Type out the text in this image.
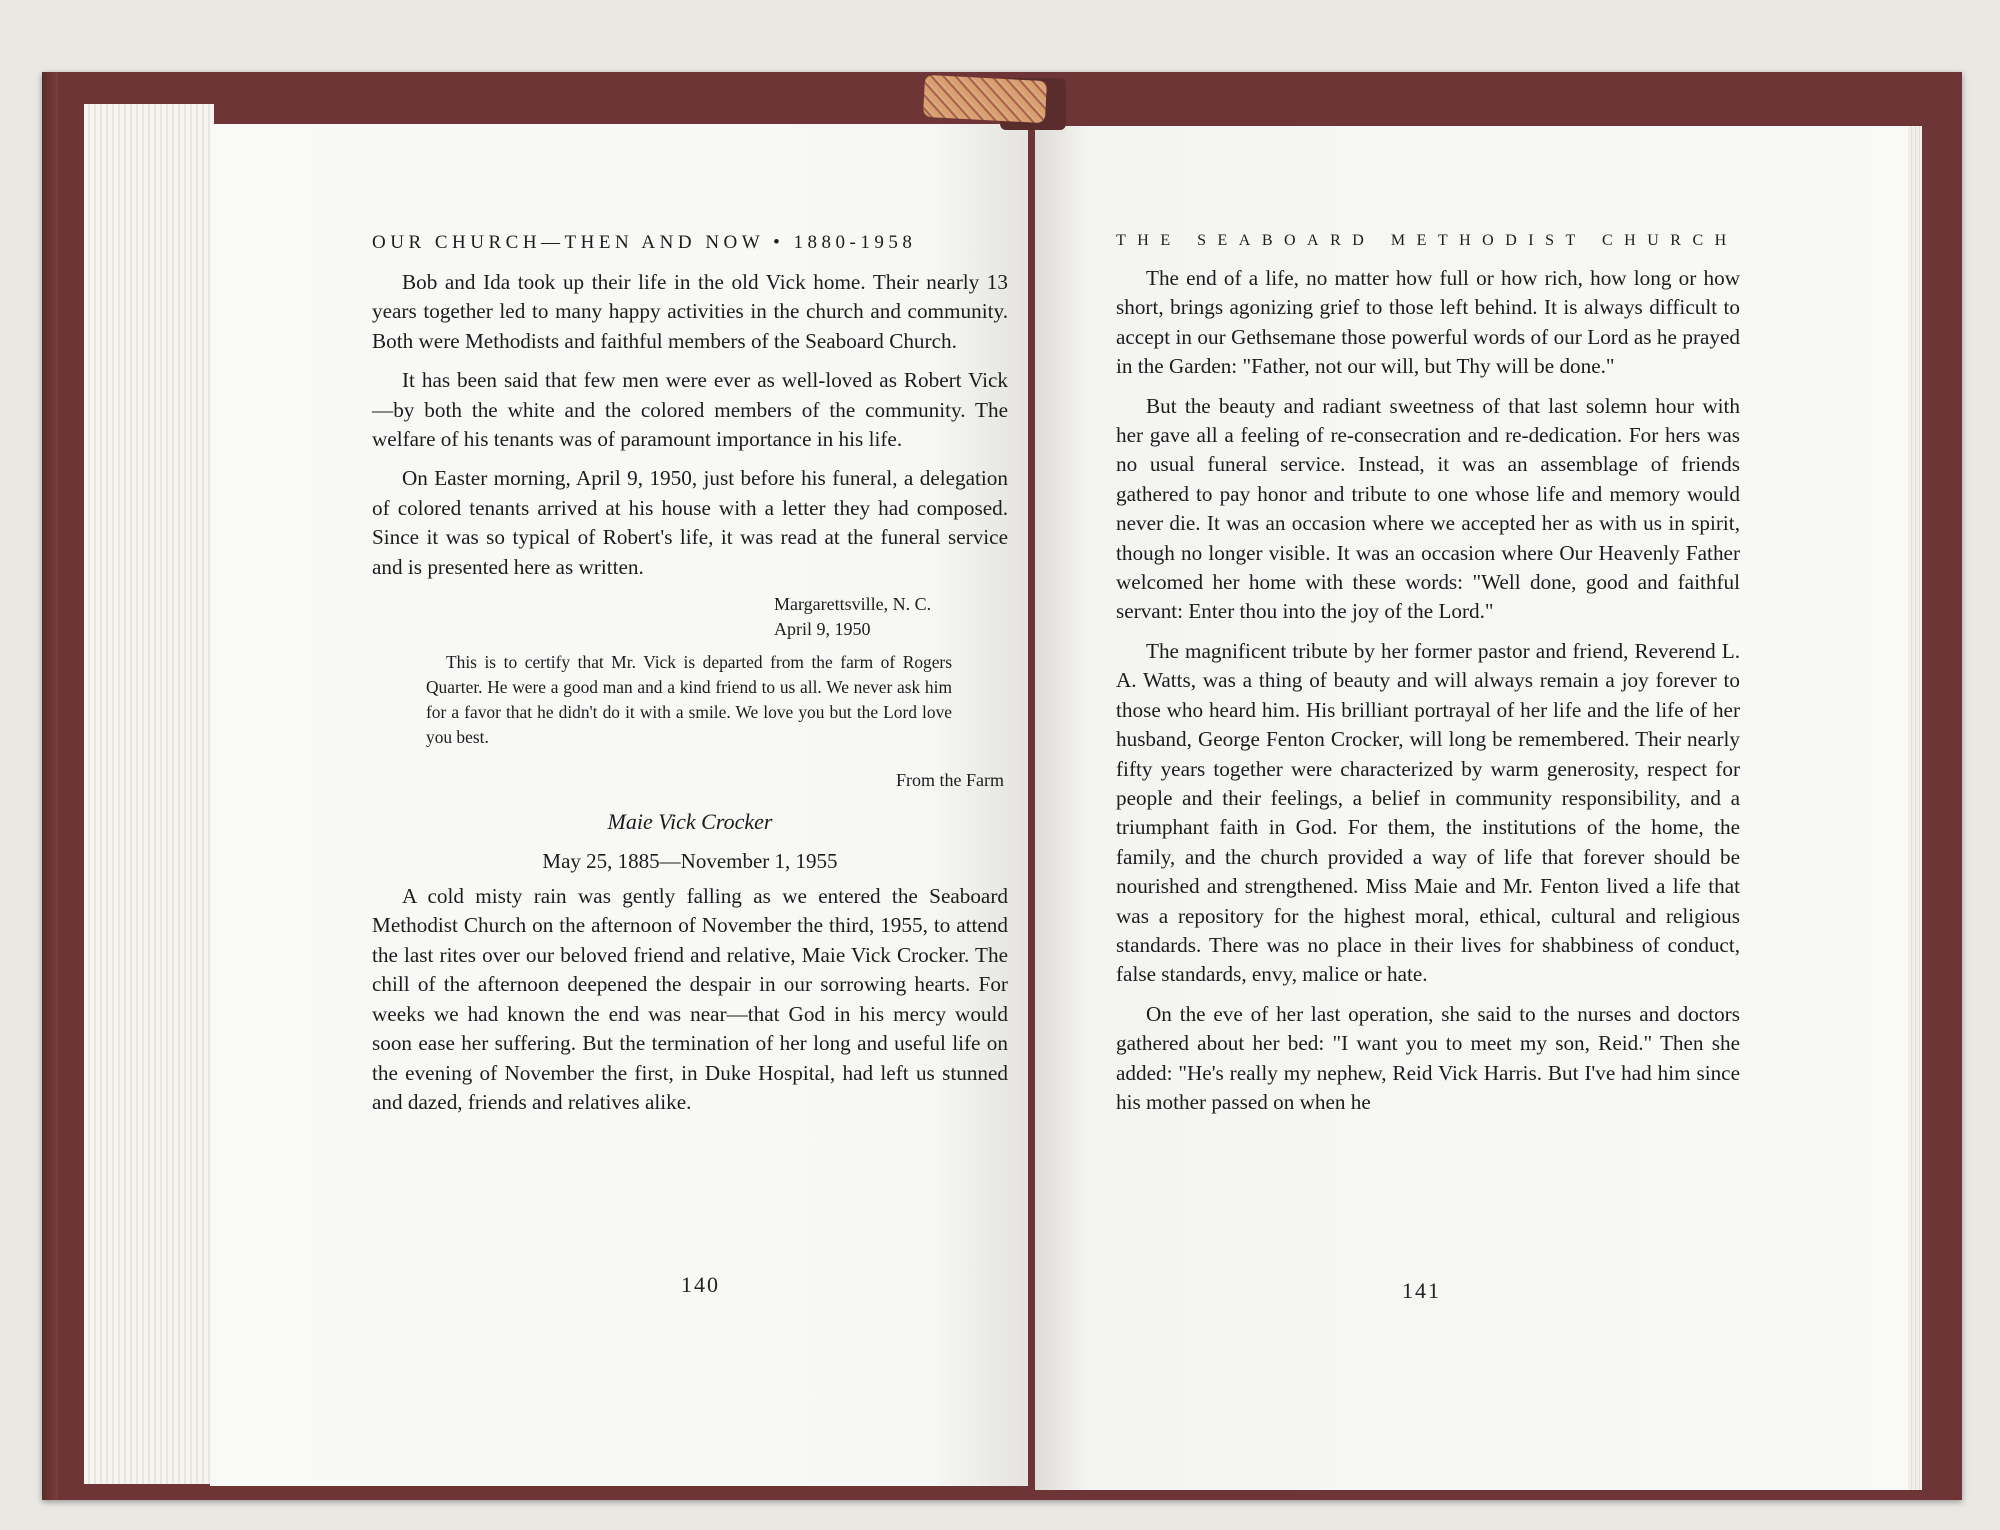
OUR CHURCH—THEN AND NOW • 1880-1958

Bob and Ida took up their life in the old Vick home. Their nearly 13 years together led to many happy activities in the church and community. Both were Methodists and faithful members of the Seaboard Church.

It has been said that few men were ever as well-loved as Robert Vick—by both the white and the colored members of the community. The welfare of his tenants was of paramount importance in his life.

On Easter morning, April 9, 1950, just before his funeral, a delegation of colored tenants arrived at his house with a letter they had composed. Since it was so typical of Robert's life, it was read at the funeral service and is presented here as written.

Margarettsville, N. C.
April 9, 1950

This is to certify that Mr. Vick is departed from the farm of Rogers Quarter. He were a good man and a kind friend to us all. We never ask him for a favor that he didn't do it with a smile. We love you but the Lord love you best.

From the Farm
Maie Vick Crocker
May 25, 1885—November 1, 1955

A cold misty rain was gently falling as we entered the Seaboard Methodist Church on the afternoon of November the third, 1955, to attend the last rites over our beloved friend and relative, Maie Vick Crocker. The chill of the afternoon deepened the despair in our sorrowing hearts. For weeks we had known the end was near—that God in his mercy would soon ease her suffering. But the termination of her long and useful life on the evening of November the first, in Duke Hospital, had left us stunned and dazed, friends and relatives alike.

140
THE SEABOARD METHODIST CHURCH

The end of a life, no matter how full or how rich, how long or how short, brings agonizing grief to those left behind. It is always difficult to accept in our Gethsemane those powerful words of our Lord as he prayed in the Garden: "Father, not our will, but Thy will be done."

But the beauty and radiant sweetness of that last solemn hour with her gave all a feeling of re-consecration and re-dedication. For hers was no usual funeral service. Instead, it was an assemblage of friends gathered to pay honor and tribute to one whose life and memory would never die. It was an occasion where we accepted her as with us in spirit, though no longer visible. It was an occasion where Our Heavenly Father welcomed her home with these words: "Well done, good and faithful servant: Enter thou into the joy of the Lord."

The magnificent tribute by her former pastor and friend, Reverend L. A. Watts, was a thing of beauty and will always remain a joy forever to those who heard him. His brilliant portrayal of her life and the life of her husband, George Fenton Crocker, will long be remembered. Their nearly fifty years together were characterized by warm generosity, respect for people and their feelings, a belief in community responsibility, and a triumphant faith in God. For them, the institutions of the home, the family, and the church provided a way of life that forever should be nourished and strengthened. Miss Maie and Mr. Fenton lived a life that was a repository for the highest moral, ethical, cultural and religious standards. There was no place in their lives for shabbiness of conduct, false standards, envy, malice or hate.

On the eve of her last operation, she said to the nurses and doctors gathered about her bed: "I want you to meet my son, Reid." Then she added: "He's really my nephew, Reid Vick Harris. But I've had him since his mother passed on when he

141
